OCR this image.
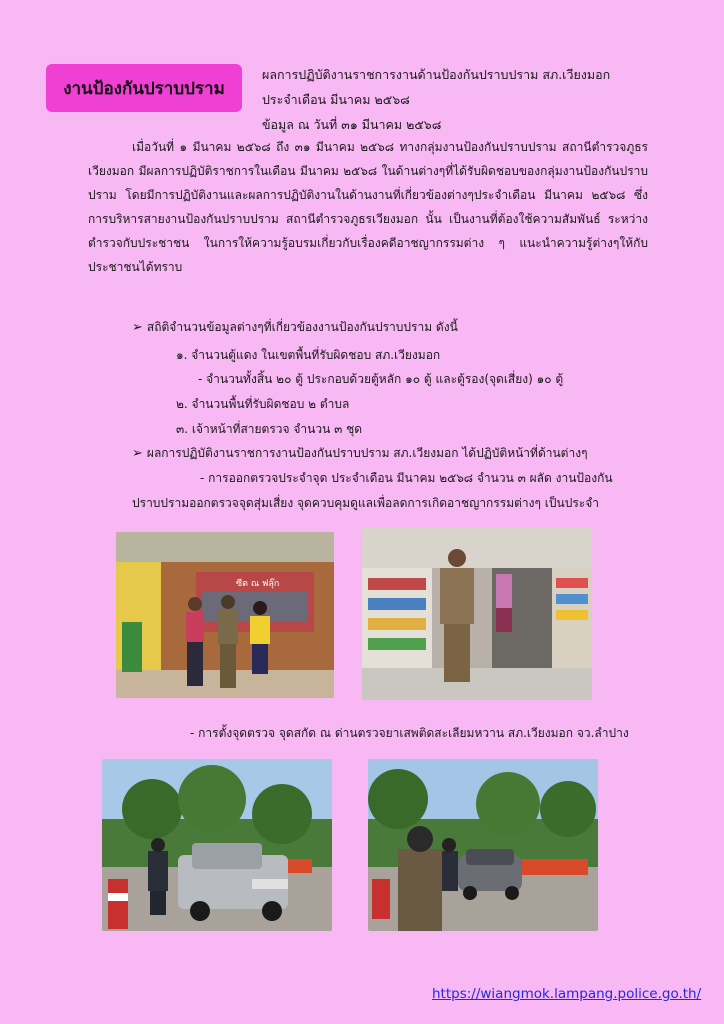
งานป้องกันปราบปราม
ผลการปฏิบัติงานราชการงานด้านป้องกันปราบปราม สภ.เวียงมอก
ประจำเดือน มีนาคม ๒๕๖๘
ข้อมูล ณ วันที่ ๓๑ มีนาคม ๒๕๖๘

เมื่อวันที่ ๑ มีนาคม ๒๕๖๘ ถึง ๓๑ มีนาคม ๒๕๖๘ ทางกลุ่มงานป้องกันปราบปราม สถานีตำรวจภูธรเวียงมอก มีผลการปฏิบัติราชการในเดือน มีนาคม ๒๕๖๘ ในด้านต่างๆที่ได้รับผิดชอบของกลุ่มงานป้องกันปราบปราม โดยมีการปฏิบัติงานและผลการปฏิบัติงานในด้านงานที่เกี่ยวข้องต่างๆประจำเดือน มีนาคม ๒๕๖๘ ซึ่งการบริหารสายงานป้องกันปราบปราม สถานีตำรวจภูธรเวียงมอก นั้น เป็นงานที่ต้องใช้ความสัมพันธ์ ระหว่างตำรวจกับประชาชน ในการให้ความรู้อบรมเกี่ยวกับเรื่องคดีอาชญากรรมต่าง ๆ แนะนำความรู้ต่างๆให้กับประชาชนได้ทราบ

➢ สถิติจำนวนข้อมูลต่างๆที่เกี่ยวข้องงานป้องกันปราบปราม ดังนี้
๑. จำนวนตู้แดง ในเขตพื้นที่รับผิดชอบ สภ.เวียงมอก
- จำนวนทั้งสิ้น ๒๐ ตู้ ประกอบด้วยตู้หลัก ๑๐ ตู้ และตู้รอง(จุดเสี่ยง) ๑๐ ตู้
๒. จำนวนพื้นที่รับผิดชอบ ๒ ตำบล
๓. เจ้าหน้าที่สายตรวจ จำนวน ๓ ชุด
➢ ผลการปฏิบัติงานราชการงานป้องกันปราบปราม สภ.เวียงมอก ได้ปฏิบัติหน้าที่ด้านต่างๆ
- การออกตรวจประจำจุด ประจำเดือน มีนาคม ๒๕๖๘ จำนวน ๓ ผลัด งานป้องกัน
ปราบปรามออกตรวจจุดสุ่มเสี่ยง จุดควบคุมดูแลเพื่อลดการเกิดอาชญากรรมต่างๆ เป็นประจำ
ซีต ณ ฟลุ๊ก
- การตั้งจุดตรวจ จุดสกัด ณ ด่านตรวจยาเสพติดสะเลียมหวาน สภ.เวียงมอก จว.ลำปาง
https://wiangmok.lampang.police.go.th/
